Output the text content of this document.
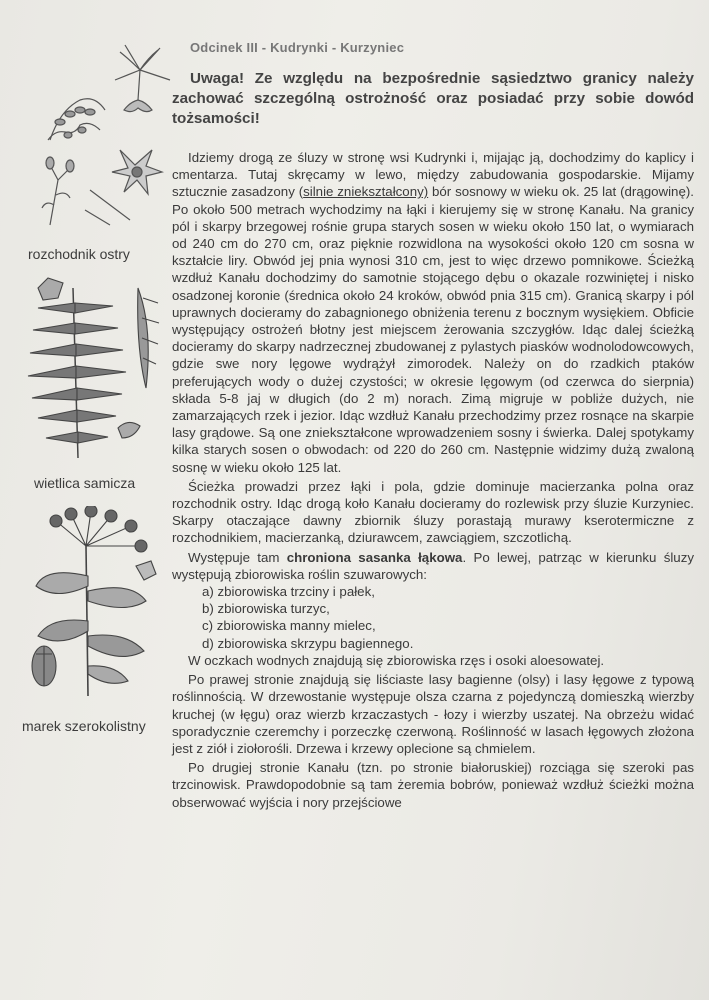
rozchodnik ostry
wietlica samicza
marek szerokolistny
Odcinek III - Kudrynki - Kurzyniec

Uwaga! Ze względu na bezpośrednie sąsiedztwo granicy należy zachować szczególną ostrożność oraz posiadać przy sobie dowód tożsamości!

Idziemy drogą ze śluzy w stronę wsi Kudrynki i, mijając ją, dochodzimy do kaplicy i cmentarza. Tutaj skręcamy w lewo, między zabudowania gospodarskie. Mijamy sztucznie zasadzony (silnie zniekształcony) bór sosnowy w wieku ok. 25 lat (drągowinę). Po około 500 metrach wychodzimy na łąki i kierujemy się w stronę Kanału. Na granicy pól i skarpy brzegowej rośnie grupa starych sosen w wieku około 150 lat, o wymiarach od 240 cm do 270 cm, oraz pięknie rozwidlona na wysokości około 120 cm sosna w kształcie liry. Obwód jej pnia wynosi 310 cm, jest to więc drzewo pomnikowe. Ścieżką wzdłuż Kanału dochodzimy do samotnie stojącego dębu o okazale rozwiniętej i nisko osadzonej koronie (średnica około 24 kroków, obwód pnia 315 cm). Granicą skarpy i pól uprawnych docieramy do zabagnionego obniżenia terenu z bocznym wysiękiem. Obficie występujący ostrożeń błotny jest miejscem żerowania szczygłów. Idąc dalej ścieżką docieramy do skarpy nadrzecznej zbudowanej z pylastych piasków wodnolodowcowych, gdzie swe nory lęgowe wydrążył zimorodek. Należy on do rzadkich ptaków preferujących wody o dużej czystości; w okresie lęgowym (od czerwca do sierpnia) składa 5-8 jaj w długich (do 2 m) norach. Zimą migruje w pobliże dużych, nie zamarzających rzek i jezior. Idąc wzdłuż Kanału przechodzimy przez rosnące na skarpie lasy grądowe. Są one zniekształcone wprowadzeniem sosny i świerka. Dalej spotykamy kilka starych sosen o obwodach: od 220 do 260 cm. Następnie widzimy dużą zwaloną sosnę w wieku około 125 lat.

Ścieżka prowadzi przez łąki i pola, gdzie dominuje macierzanka polna oraz rozchodnik ostry. Idąc drogą koło Kanału docieramy do rozlewisk przy śluzie Kurzyniec. Skarpy otaczające dawny zbiornik śluzy porastają murawy kserotermiczne z rozchodnikiem, macierzanką, dziurawcem, zawciągiem, szczotlichą.

Występuje tam chroniona sasanka łąkowa. Po lewej, patrząc w kierunku śluzy występują zbiorowiska roślin szuwarowych:

a) zbiorowiska trzciny i pałek,
b) zbiorowiska turzyc,
c) zbiorowiska manny mielec,
d) zbiorowiska skrzypu bagiennego.

W oczkach wodnych znajdują się zbiorowiska rzęs i osoki aloesowatej.

Po prawej stronie znajdują się liściaste lasy bagienne (olsy) i lasy łęgowe z typową roślinnością. W drzewostanie występuje olsza czarna z pojedynczą domieszką wierzby kruchej (w łęgu) oraz wierzb krzaczastych - łozy i wierzby uszatej. Na obrzeżu widać sporadycznie czeremchy i porzeczkę czerwoną. Roślinność w lasach łęgowych złożona jest z ziół i ziołorośli. Drzewa i krzewy oplecione są chmielem.

Po drugiej stronie Kanału (tzn. po stronie białoruskiej) rozciąga się szeroki pas trzcinowisk. Prawdopodobnie są tam żeremia bobrów, ponieważ wzdłuż ścieżki można obserwować wyjścia i nory przejściowe
